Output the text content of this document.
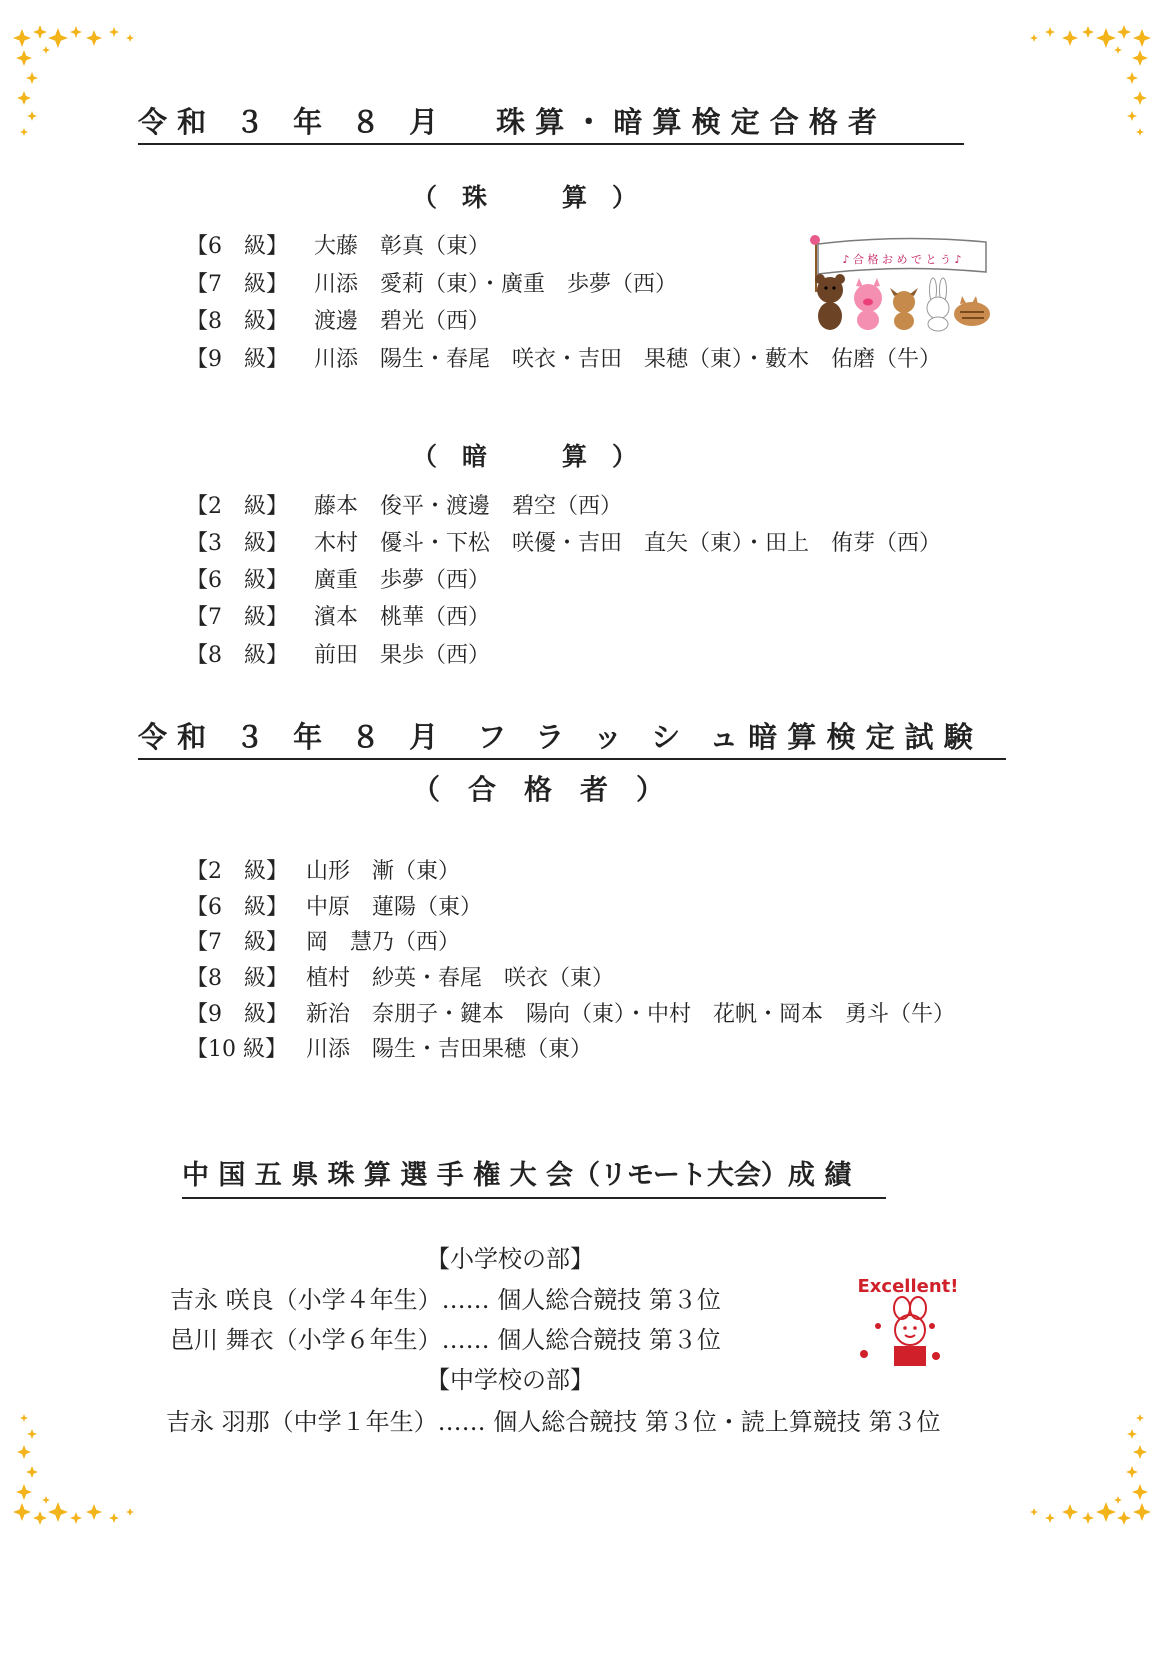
令 和　３　年　８　月　　珠 算 ・ 暗 算 検 定 合 格 者
（　珠　　　算　）
【6　級】 大藤　彰真（東）
【7　級】 川添　愛莉（東）・廣重　歩夢（西）
【8　級】 渡邊　碧光（西）
【9　級】 川添　陽生・春尾　咲衣・吉田　果穂（東）・藪木　佑磨（牛）
♪ 合 格 お め で と う ♪
（　暗　　　算　）
【2　級】 藤本　俊平・渡邊　碧空（西）
【3　級】 木村　優斗・下松　咲優・吉田　直矢（東）・田上　侑芽（西）
【6　級】 廣重　歩夢（西）
【7　級】 濱本　桃華（西）
【8　級】 前田　果歩（西）
令 和　３　年　８　月　 フ　ラ　ッ　シ　ュ 暗 算 検 定 試 験
（　合　格　者　）
【2　級】 山形　漸（東）
【6　級】 中原　蓮陽（東）
【7　級】 岡　慧乃（西）
【8　級】 植村　紗英・春尾　咲衣（東）
【9　級】 新治　奈朋子・鍵本　陽向（東）・中村　花帆・岡本　勇斗（牛）
【10 級】 川添　陽生・吉田果穂（東）
中 国 五 県 珠 算 選 手 権 大 会（リモート大会）成 績
【小学校の部】
吉永 咲良（小学４年生）…… 個人総合競技 第３位
邑川 舞衣（小学６年生）…… 個人総合競技 第３位
【中学校の部】
吉永 羽那（中学１年生）…… 個人総合競技 第３位・読上算競技 第３位
Excellent!
